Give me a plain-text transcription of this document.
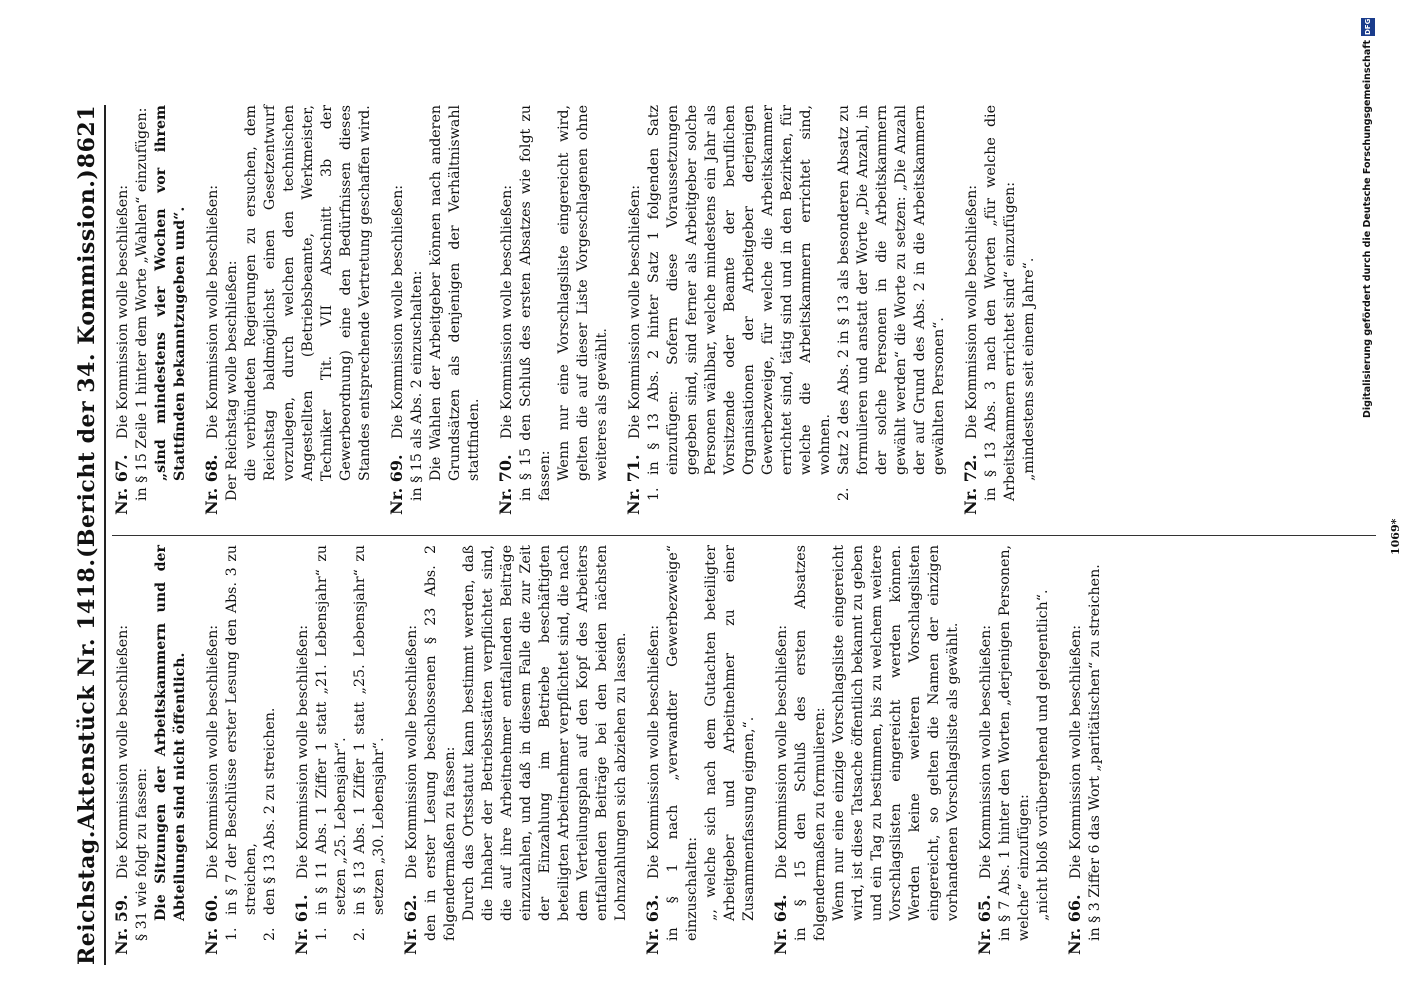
Reichstag.
Aktenstück Nr. 1418.
(Bericht der 34. Kommission.)
8621
Nr. 59.
Die Kommission wolle beschließen: § 31 wie folgt zu fassen: Die Sitzungen der Arbeitskammern und der Abteilungen sind nicht öffentlich.
Nr. 60.
Die Kommission wolle beschließen:
1.
in § 7 der Beschlüsse erster Lesung den Abs. 3 zu streichen,
2.
den § 13 Abs. 2 zu streichen.
Nr. 61.
Die Kommission wolle beschließen:
1.
in § 11 Abs. 1 Ziffer 1 statt „21. Lebensjahr“ zu setzen „25. Lebensjahr“.
2.
in § 13 Abs. 1 Ziffer 1 statt „25. Lebensjahr“ zu setzen „30. Lebensjahr“.
Nr. 62.
Die Kommission wolle beschließen: den in erster Lesung beschlossenen § 23 Abs. 2 folgendermaßen zu fassen: Durch das Ortsstatut kann bestimmt werden, daß die Inhaber der Betriebsstätten verpflichtet sind, die auf ihre Arbeitnehmer entfallenden Beiträge einzuzahlen, und daß in diesem Falle die zur Zeit der Einzahlung im Betriebe beschäftigten beteiligten Arbeitnehmer verpflichtet sind, die nach dem Verteilungsplan auf den Kopf des Arbeiters entfallenden Beiträge bei den beiden nächsten Lohnzahlungen sich abziehen zu lassen.
Nr. 63.
Die Kommission wolle beschließen: in § 1 nach „verwandter Gewerbezweige“ einzuschalten: „, welche sich nach dem Gutachten beteiligter Arbeitgeber und Arbeitnehmer zu einer Zusammenfassung eignen,“.
Nr. 64.
Die Kommission wolle beschließen: in § 15 den Schluß des ersten Absatzes folgendermaßen zu formulieren: Wenn nur eine einzige Vorschlagsliste eingereicht wird, ist diese Tatsache öffentlich bekannt zu geben und ein Tag zu bestimmen, bis zu welchem weitere Vorschlagslisten eingereicht werden können. Werden keine weiteren Vorschlagslisten eingereicht, so gelten die Namen der einzigen vorhandenen Vorschlagsliste als gewählt.
Nr. 65.
Die Kommission wolle beschließen: in § 7 Abs. 1 hinter den Worten „derjenigen Personen, welche“ einzufügen: „nicht bloß vorübergehend und gelegentlich“.
Nr. 66.
Die Kommission wolle beschließen: in § 3 Ziffer 6 das Wort „paritätischen“ zu streichen.
Nr. 67.
Die Kommission wolle beschließen: in § 15 Zeile 1 hinter dem Worte „Wahlen“ einzufügen: „sind mindestens vier Wochen vor ihrem Stattfinden bekanntzugeben und“.
Nr. 68.
Die Kommission wolle beschließen: Der Reichstag wolle beschließen: die verbündeten Regierungen zu ersuchen, dem Reichstag baldmöglichst einen Gesetzentwurf vorzulegen, durch welchen den technischen Angestellten (Betriebsbeamte, Werkmeister, Techniker Tit. VII Abschnitt 3b der Gewerbeordnung) eine den Bedürfnissen dieses Standes entsprechende Vertretung geschaffen wird.
Nr. 69.
Die Kommission wolle beschließen: in § 15 als Abs. 2 einzuschalten: Die Wahlen der Arbeitgeber können nach anderen Grundsätzen als denjenigen der Verhältniswahl stattfinden.
Nr. 70.
Die Kommission wolle beschließen: in § 15 den Schluß des ersten Absatzes wie folgt zu fassen: Wenn nur eine Vorschlagsliste eingereicht wird, gelten die auf dieser Liste Vorgeschlagenen ohne weiteres als gewählt.
Nr. 71.
Die Kommission wolle beschließen:
1.
in § 13 Abs. 2 hinter Satz 1 folgenden Satz einzufügen: Sofern diese Voraussetzungen gegeben sind, sind ferner als Arbeitgeber solche Personen wählbar, welche mindestens ein Jahr als Vorsitzende oder Beamte der beruflichen Organisationen der Arbeitgeber derjenigen Gewerbezweige, für welche die Arbeitskammer errichtet sind, tätig sind und in den Bezirken, für welche die Arbeitskammern errichtet sind, wohnen.
2.
Satz 2 des Abs. 2 in § 13 als besonderen Absatz zu formulieren und anstatt der Worte „Die Anzahl, in der solche Personen in die Arbeitskammern gewählt werden“ die Worte zu setzen: „Die Anzahl der auf Grund des Abs. 2 in die Arbeitskammern gewählten Personen“.
Nr. 72.
Die Kommission wolle beschließen: in § 13 Abs. 3 nach den Worten „für welche die Arbeitskammern errichtet sind“ einzufügen: „mindestens seit einem Jahre“.
1069*
DFG
Digitalisierung gefördert durch die Deutsche Forschungsgemeinschaft
